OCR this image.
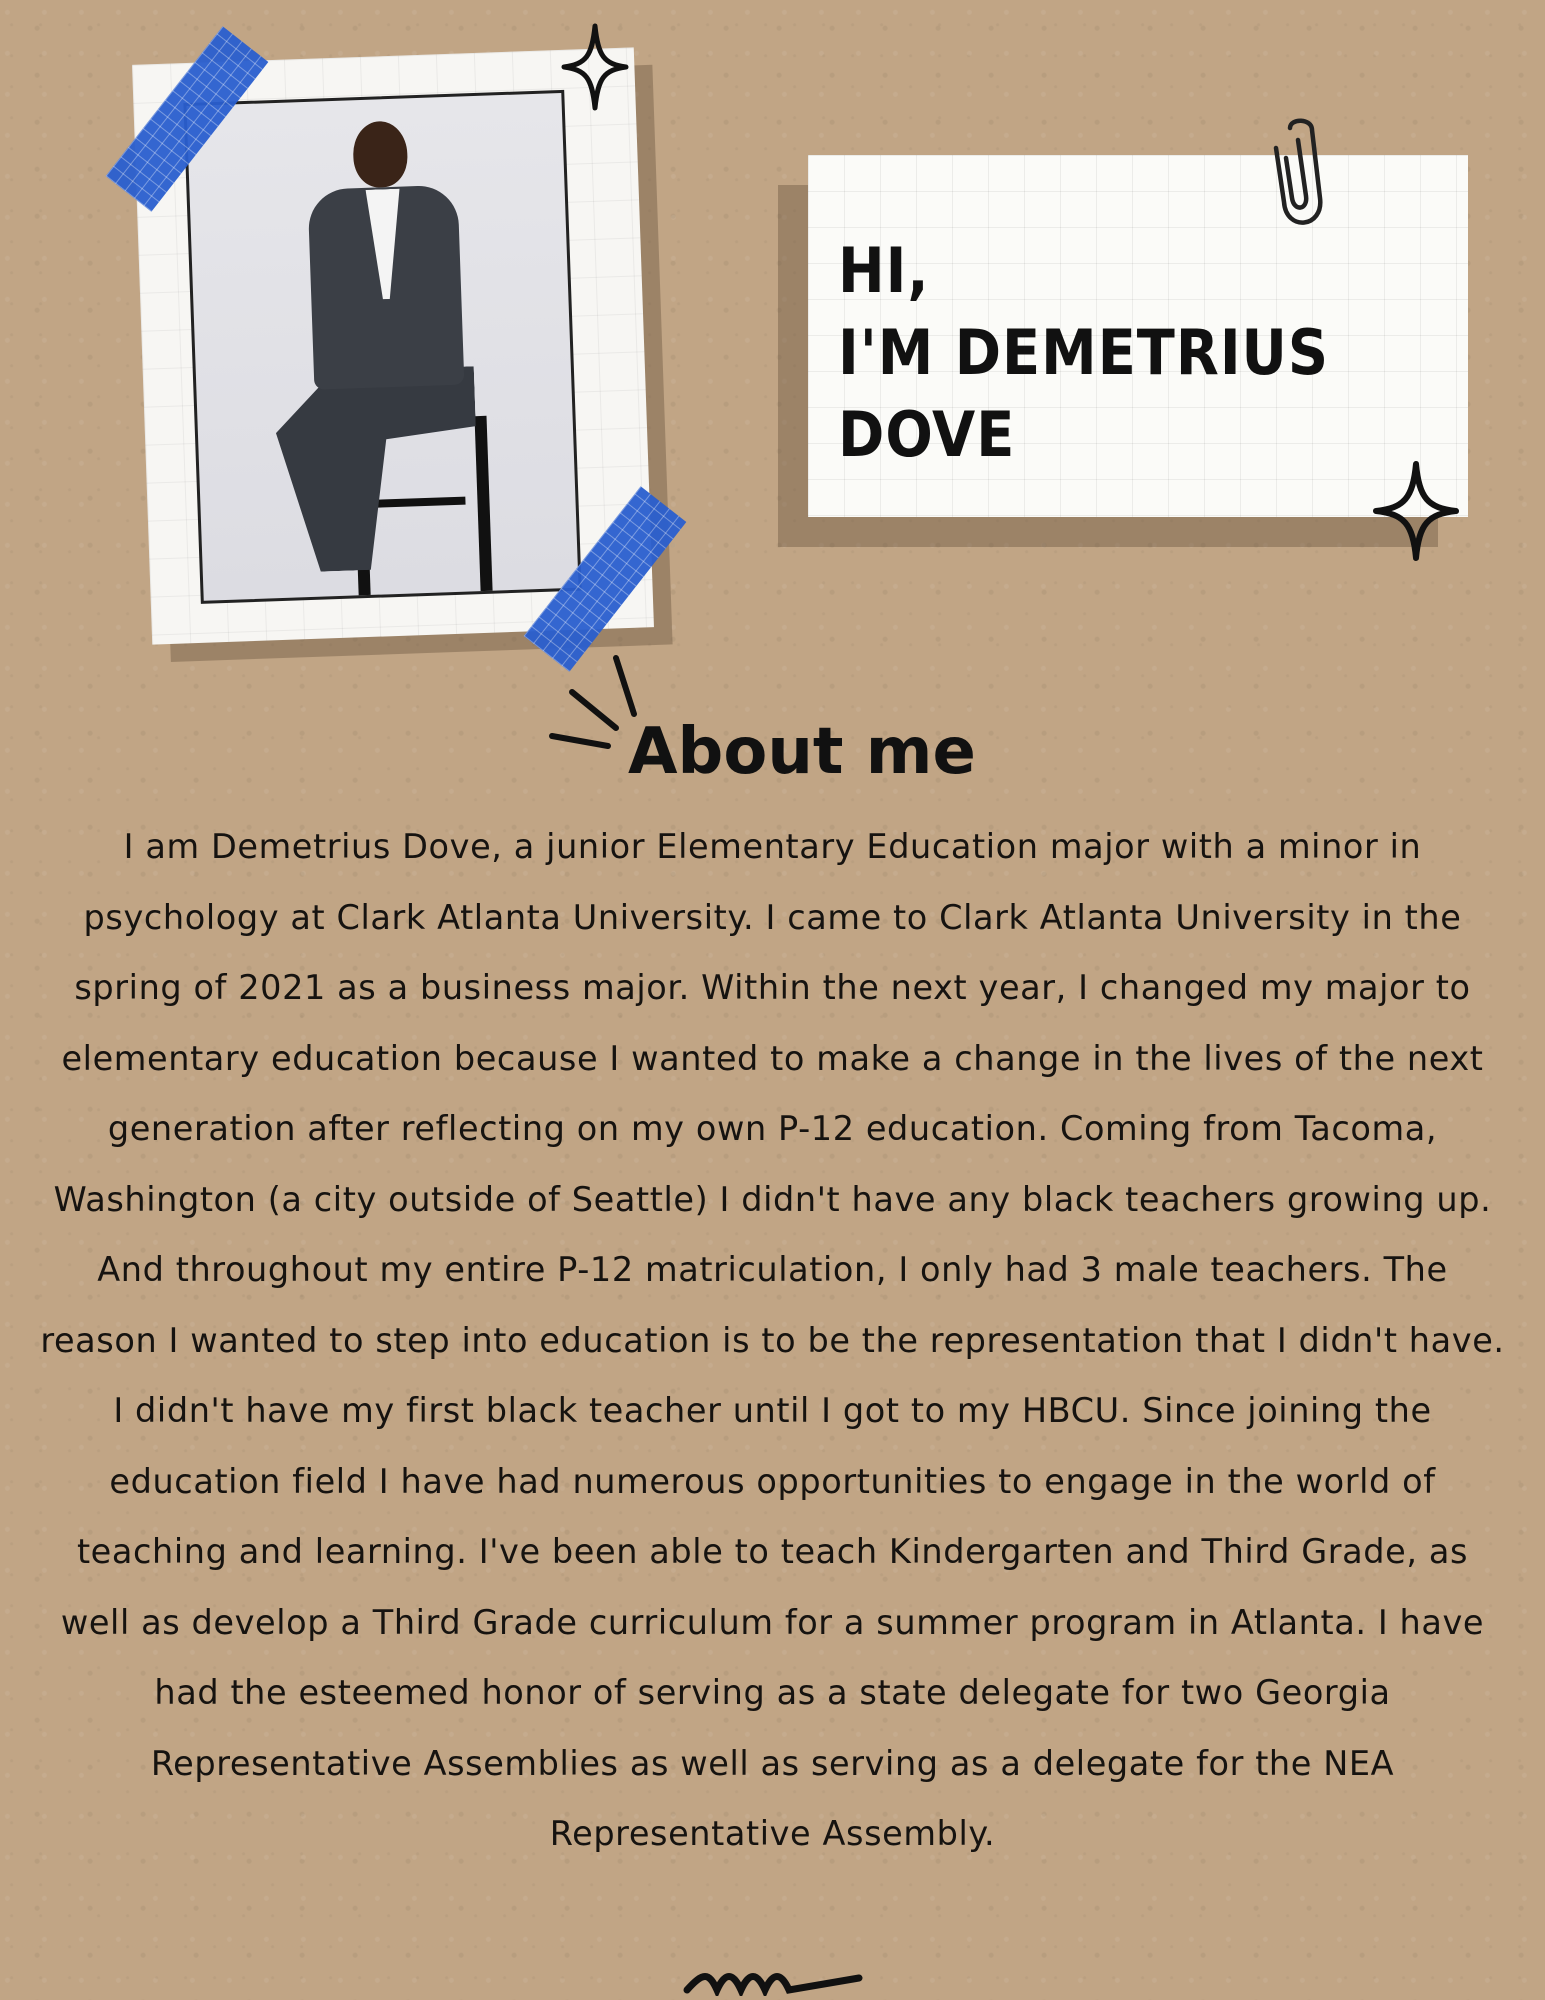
HI,
I'M DEMETRIUS DOVE
About me

I am Demetrius Dove, a junior Elementary Education major with a minor in psychology at Clark Atlanta University. I came to Clark Atlanta University in the spring of 2021 as a business major. Within the next year, I changed my major to elementary education because I wanted to make a change in the lives of the next generation after reflecting on my own P-12 education. Coming from Tacoma, Washington (a city outside of Seattle) I didn't have any black teachers growing up. And throughout my entire P-12 matriculation, I only had 3 male teachers. The reason I wanted to step into education is to be the representation that I didn't have. I didn't have my first black teacher until I got to my HBCU. Since joining the education field I have had numerous opportunities to engage in the world of teaching and learning. I've been able to teach Kindergarten and Third Grade, as well as develop a Third Grade curriculum for a summer program in Atlanta. I have had the esteemed honor of serving as a state delegate for two Georgia Representative Assemblies as well as serving as a delegate for the NEA Representative Assembly.
